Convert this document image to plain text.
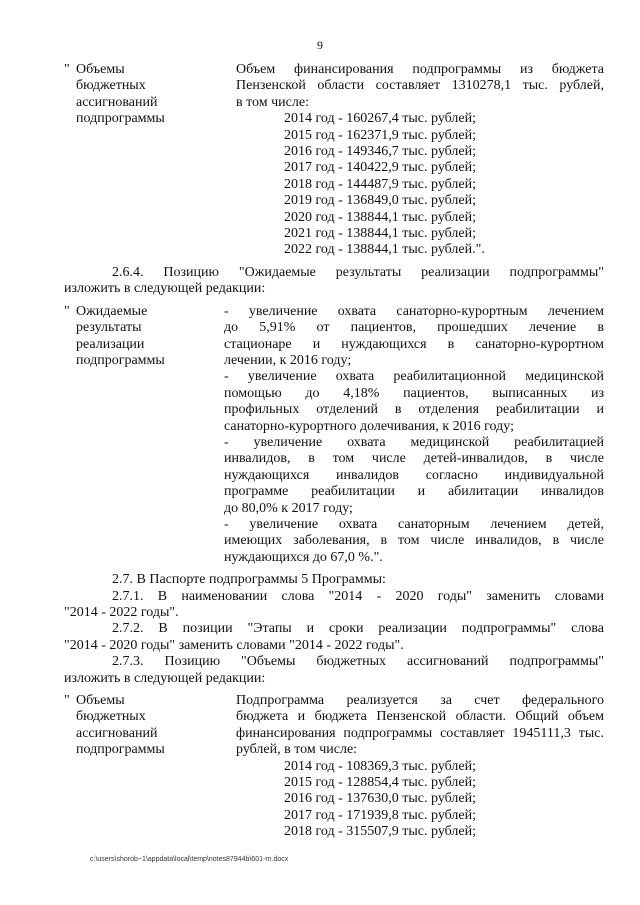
9
" Объемы
бюджетных
ассигнований
подпрограммы
Объем финансирования подпрограммы из бюджета
Пензенской области составляет 1310278,1 тыс. рублей,
в том числе:
2014 год - 160267,4 тыс. рублей;
2015 год - 162371,9 тыс. рублей;
2016 год - 149346,7 тыс. рублей;
2017 год - 140422,9 тыс. рублей;
2018 год - 144487,9 тыс. рублей;
2019 год - 136849,0 тыс. рублей;
2020 год - 138844,1 тыс. рублей;
2021 год - 138844,1 тыс. рублей;
2022 год - 138844,1 тыс. рублей.".
2.6.4. Позицию "Ожидаемые результаты реализации подпрограммы"
изложить в следующей редакции:
" Ожидаемые
результаты
реализации
подпрограммы
- увеличение охвата санаторно-курортным лечением
до 5,91% от пациентов, прошедших лечение в
стационаре и нуждающихся в санаторно-курортном
лечении, к 2016 году;
- увеличение охвата реабилитационной медицинской
помощью до 4,18% пациентов, выписанных из
профильных отделений в отделения реабилитации и
санаторно-курортного долечивания, к 2016 году;
- увеличение охвата медицинской реабилитацией
инвалидов, в том числе детей-инвалидов, в числе
нуждающихся инвалидов согласно индивидуальной
программе реабилитации и абилитации инвалидов
до 80,0% к 2017 году;
- увеличение охвата санаторным лечением детей,
имеющих заболевания, в том числе инвалидов, в числе
нуждающихся до 67,0 %.".
2.7. В Паспорте подпрограммы 5 Программы:
2.7.1. В наименовании слова "2014 - 2020 годы" заменить словами
"2014 - 2022 годы".
2.7.2. В позиции "Этапы и сроки реализации подпрограммы" слова
"2014 - 2020 годы" заменить словами "2014 - 2022 годы".
2.7.3. Позицию "Объемы бюджетных ассигнований подпрограммы"
изложить в следующей редакции:
" Объемы
бюджетных
ассигнований
подпрограммы
Подпрограмма реализуется за счет федерального
бюджета и бюджета Пензенской области. Общий объем
финансирования подпрограммы составляет 1945111,3 тыс.
рублей, в том числе:
2014 год - 108369,3 тыс. рублей;
2015 год - 128854,4 тыс. рублей;
2016 год - 137630,0 тыс. рублей;
2017 год - 171939,8 тыс. рублей;
2018 год - 315507,9 тыс. рублей;
c:\users\shorob~1\appdata\local\temp\notes87944b\601-rn.docx
